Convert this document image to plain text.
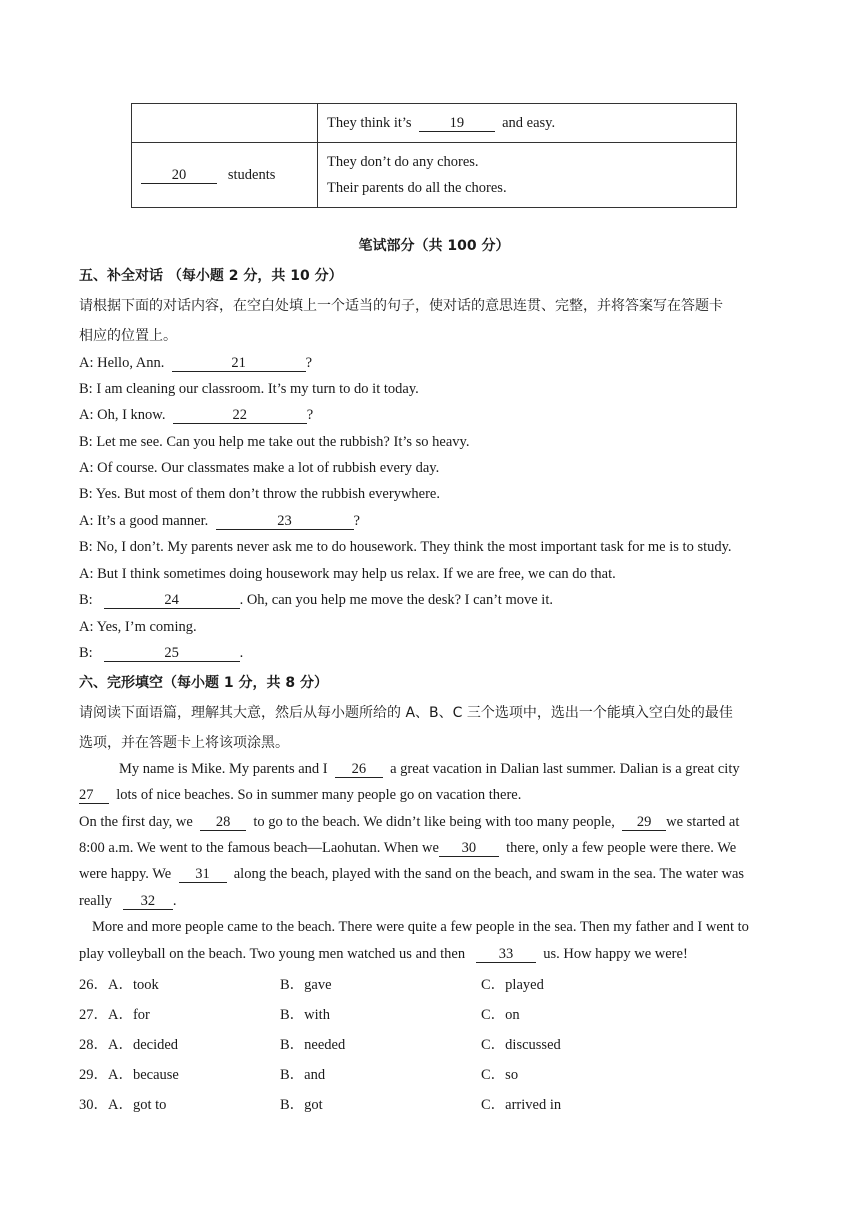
	They think it’s 19 and easy.
20 students	They don’t do any chores.
Their parents do all the chores.
笔试部分（共 100 分）
五、补全对话 （每小题 2 分，共 10 分）
请根据下面的对话内容，在空白处填上一个适当的句子，使对话的意思连贯、完整，并将答案写在答题卡
相应的位置上。
A: Hello, Ann.	21	?
B: I am cleaning our classroom. It’s my turn to do it today.
A: Oh, I know.	22	?
B: Let me see. Can you help me take out the rubbish? It’s so heavy.
A: Of course. Our classmates make a lot of rubbish every day.
B: Yes. But most of them don’t throw the rubbish everywhere.
A: It’s a good manner.	23	?
B: No, I don’t. My parents never ask me to do housework. They think the most important task for me is to study.
A: But I think sometimes doing housework may help us relax. If we are free, we can do that.
B:	24	. Oh, can you help me move the desk? I can’t move it.
A: Yes, I’m coming.
B:	25	.
六、完形填空（每小题 1 分，共 8 分）
请阅读下面语篇，理解其大意，然后从每小题所给的 A、B、C 三个选项中，选出一个能填入空白处的最佳
选项，并在答题卡上将该项涂黑。
My name is Mike. My parents and I 26 a great vacation in Dalian last summer. Dalian is a great city
27 lots of nice beaches. So in summer many people go on vacation there.
On the first day, we 28 to go to the beach. We didn’t like being with too many people, 29 we started at
8:00 a.m. We went to the famous beach—Laohutan. When we 30 there, only a few people were there. We
were happy. We 31 along the beach, played with the sand on the beach, and swam in the sea. The water was
really 32 .
More and more people came to the beach. There were quite a few people in the sea. Then my father and I went to
play volleyball on the beach. Two young men watched us and then 33 us. How happy we were!
26． A．took	B．gave	C．played
27． A．for	B．with	C．on
28． A．decided	B．needed	C．discussed
29． A．because	B．and	C．so
30． A．got to	B．got	C．arrived in
